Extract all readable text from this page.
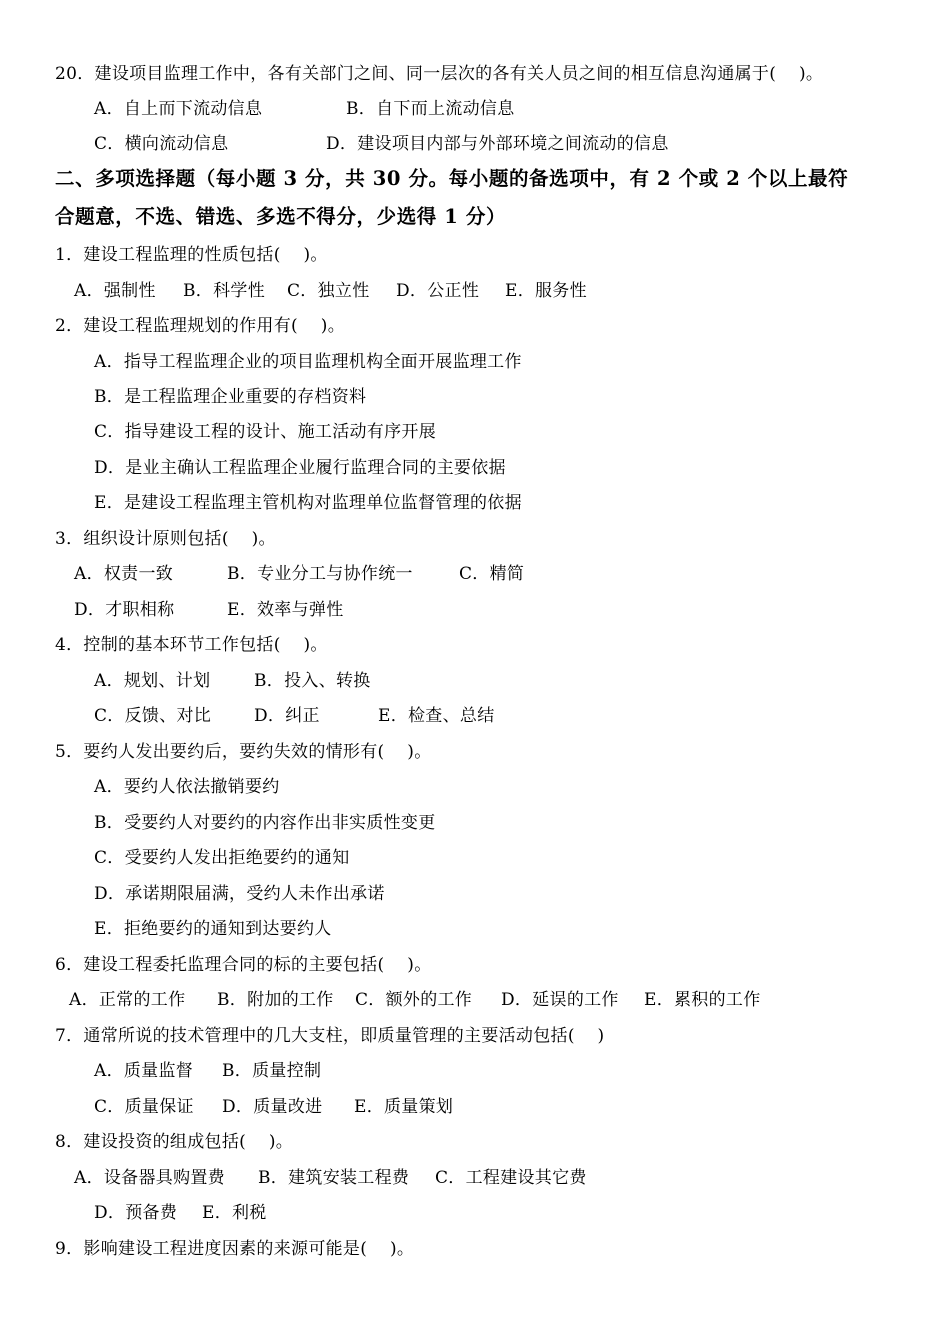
20．建设项目监理工作中，各有关部门之间、同一层次的各有关人员之间的相互信息沟通属于(    )。
A．自上而下流动信息	B．自下而上流动信息
C．横向流动信息	D．建设项目内部与外部环境之间流动的信息
二、多项选择题（每小题 3 分，共 30 分。每小题的备选项中，有 2 个或 2 个以上最符
合题意，不选、错选、多选不得分，少选得 1 分）
1．建设工程监理的性质包括(    )。
A．强制性 B．科学性 C．独立性 D．公正性 E．服务性
2．建设工程监理规划的作用有(    )。
A．指导工程监理企业的项目监理机构全面开展监理工作
B．是工程监理企业重要的存档资料
C．指导建设工程的设计、施工活动有序开展
D．是业主确认工程监理企业履行监理合同的主要依据
E．是建设工程监理主管机构对监理单位监督管理的依据
3．组织设计原则包括(    )。
A．权责一致	B．专业分工与协作统一	C．精简
D．才职相称	E．效率与弹性
4．控制的基本环节工作包括(    )。
A．规划、计划	B．投入、转换
C．反馈、对比	D．纠正	E．检查、总结
5．要约人发出要约后，要约失效的情形有(    )。
A．要约人依法撤销要约
B．受要约人对要约的内容作出非实质性变更
C．受要约人发出拒绝要约的通知
D．承诺期限届满，受约人未作出承诺
E．拒绝要约的通知到达要约人
6．建设工程委托监理合同的标的主要包括(    )。
A．正常的工作 B．附加的工作 C．额外的工作 D．延误的工作 E．累积的工作
7．通常所说的技术管理中的几大支柱，即质量管理的主要活动包括(    )
A．质量监督 B．质量控制
C．质量保证 D．质量改进 E．质量策划
8．建设投资的组成包括(    )。
A．设备器具购置费 B．建筑安装工程费 C．工程建设其它费
D．预备费 E．利税
9．影响建设工程进度因素的来源可能是(    )。
